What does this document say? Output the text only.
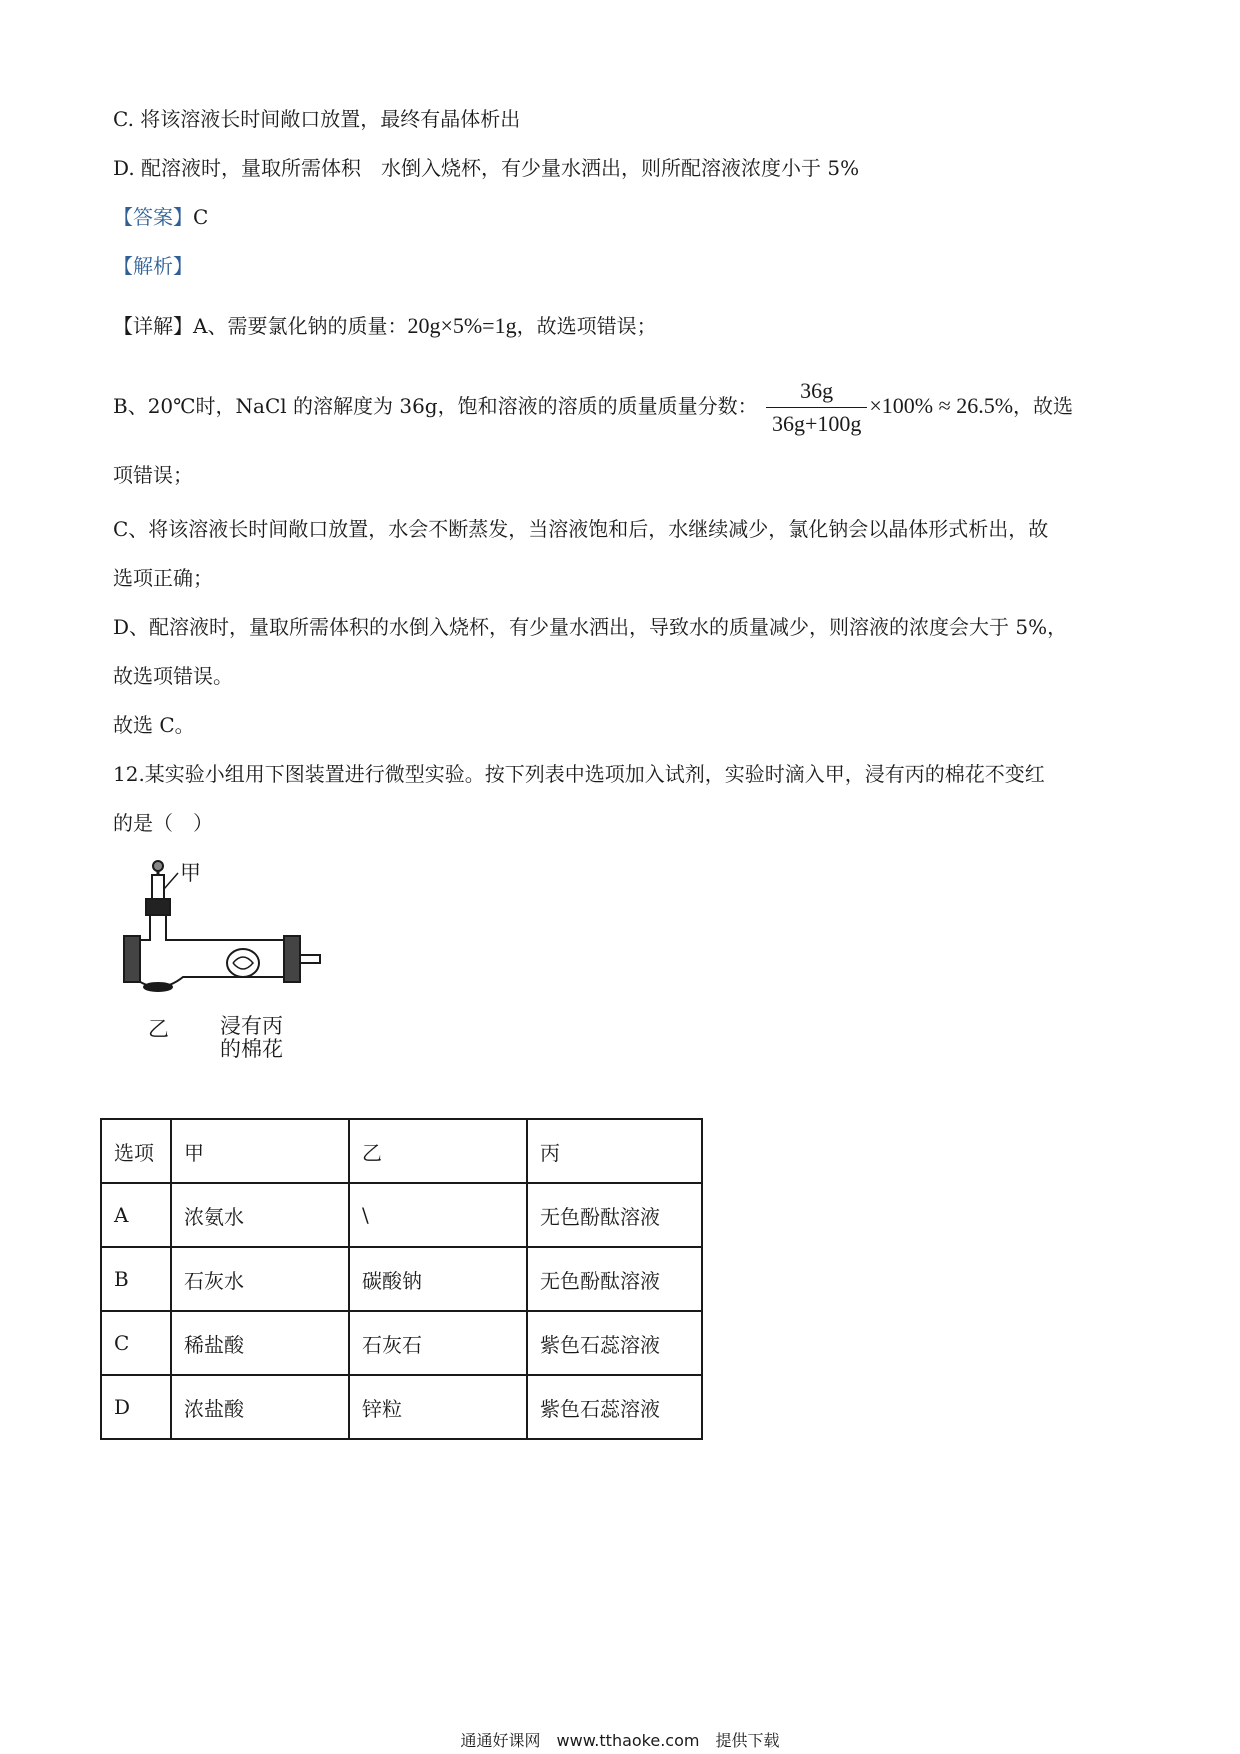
C. 将该溶液长时间敞口放置，最终有晶体析出
D. 配溶液时，量取所需体积　水倒入烧杯，有少量水洒出，则所配溶液浓度小于 5%
【答案】C
【解析】
【详解】A、需要氯化钠的质量：20g×5%=1g，故选项错误；
B、20℃时，NaCl 的溶解度为 36g，饱和溶液的溶质的质量质量分数： $\frac{36g}{36g+100g} \times 100\% \approx 26.5\%$，故选
项错误；
C、将该溶液长时间敞口放置，水会不断蒸发，当溶液饱和后，水继续减少，氯化钠会以晶体形式析出，故
选项正确；
D、配溶液时，量取所需体积的水倒入烧杯，有少量水洒出，导致水的质量减少，则溶液的浓度会大于 5%，
故选项错误。
故选 C。
12.某实验小组用下图装置进行微型实验。按下列表中选项加入试剂，实验时滴入甲，浸有丙的棉花不变红
的是（　）
甲
乙 浸有丙
的棉花
选项	甲	乙	丙
A	浓氨水	\	无色酚酞溶液
B	石灰水	碳酸钠	无色酚酞溶液
C	稀盐酸	石灰石	紫色石蕊溶液
D	浓盐酸	锌粒	紫色石蕊溶液
通通好课网　www.tthaoke.com　提供下载
